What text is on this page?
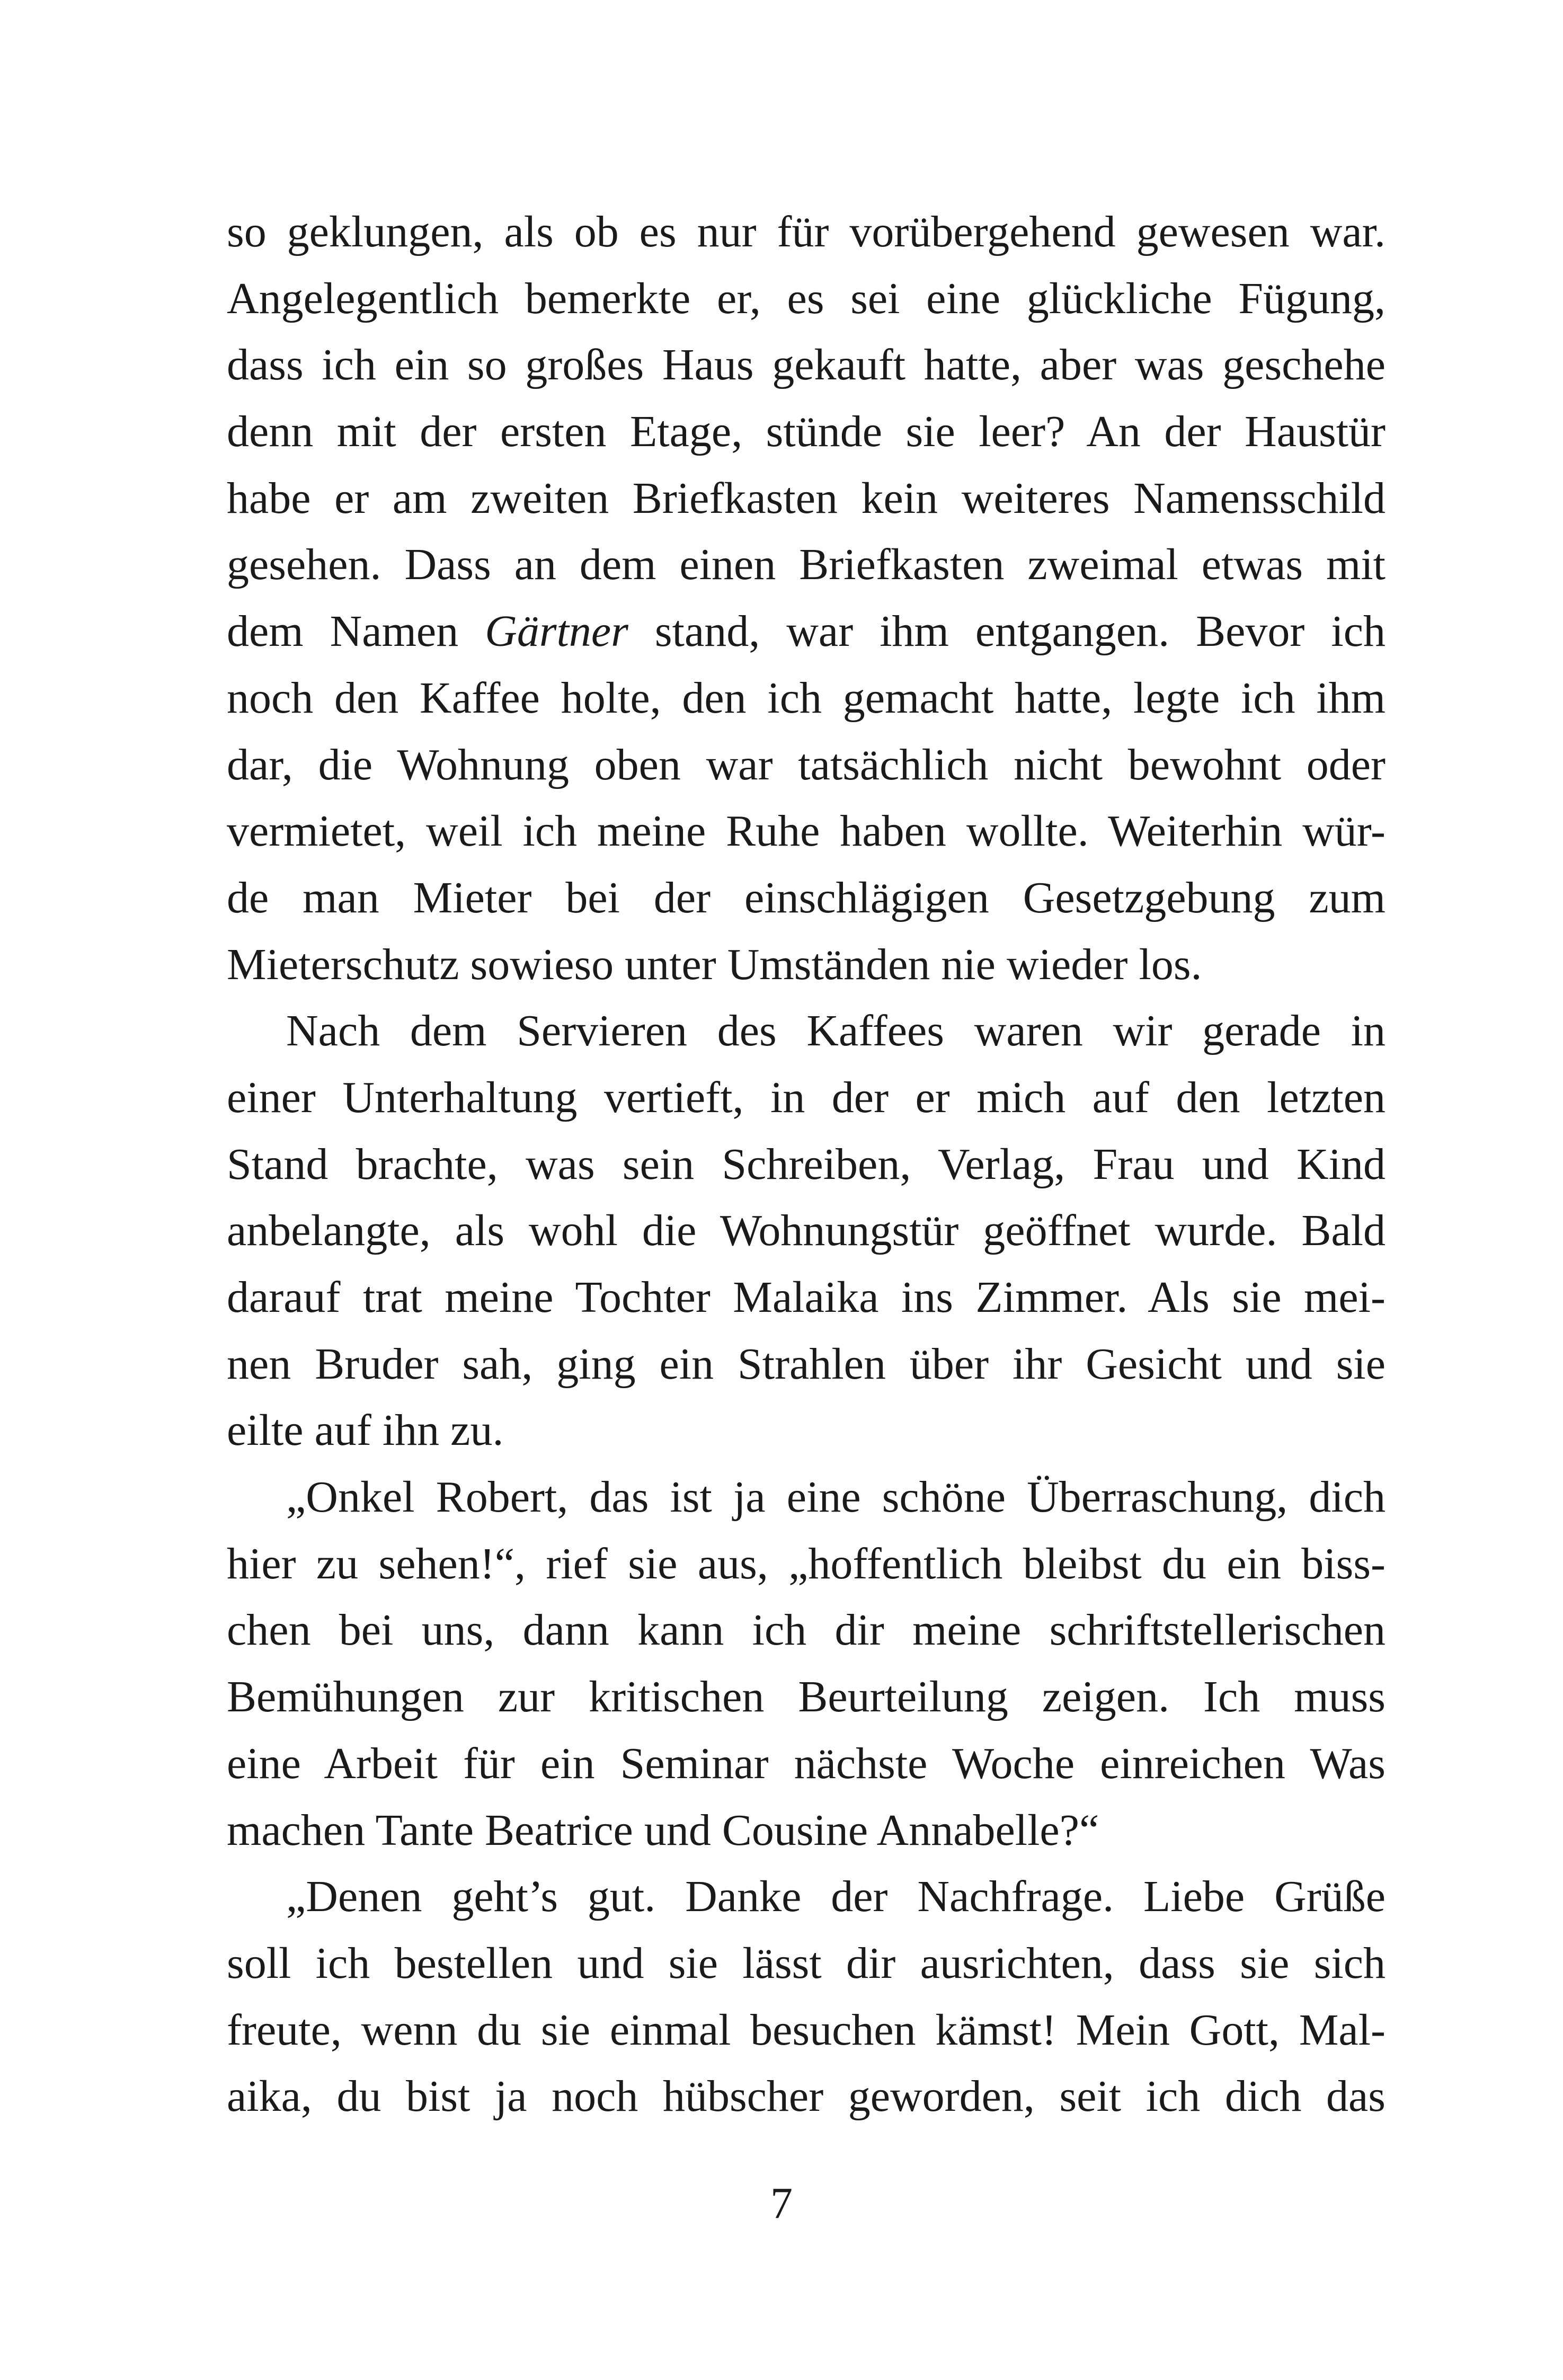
so geklungen, als ob es nur für vorübergehend gewesen war.
Angelegentlich bemerkte er, es sei eine glückliche Fügung,
dass ich ein so großes Haus gekauft hatte, aber was geschehe
denn mit der ersten Etage, stünde sie leer? An der Haustür
habe er am zweiten Briefkasten kein weiteres Namensschild
gesehen. Dass an dem einen Briefkasten zweimal etwas mit
dem Namen Gärtner stand, war ihm entgangen. Bevor ich
noch den Kaffee holte, den ich gemacht hatte, legte ich ihm
dar, die Wohnung oben war tatsächlich nicht bewohnt oder
vermietet, weil ich meine Ruhe haben wollte. Weiterhin wür-
de man Mieter bei der einschlägigen Gesetzgebung zum
Mieterschutz sowieso unter Umständen nie wieder los.
Nach dem Servieren des Kaffees waren wir gerade in
einer Unterhaltung vertieft, in der er mich auf den letzten
Stand brachte, was sein Schreiben, Verlag, Frau und Kind
anbelangte, als wohl die Wohnungstür geöffnet wurde. Bald
darauf trat meine Tochter Malaika ins Zimmer. Als sie mei-
nen Bruder sah, ging ein Strahlen über ihr Gesicht und sie
eilte auf ihn zu.
„Onkel Robert, das ist ja eine schöne Überraschung, dich
hier zu sehen!“, rief sie aus, „hoffentlich bleibst du ein biss-
chen bei uns, dann kann ich dir meine schriftstellerischen
Bemühungen zur kritischen Beurteilung zeigen. Ich muss
eine Arbeit für ein Seminar nächste Woche einreichen Was
machen Tante Beatrice und Cousine Annabelle?“
„Denen geht’s gut. Danke der Nachfrage. Liebe Grüße
soll ich bestellen und sie lässt dir ausrichten, dass sie sich
freute, wenn du sie einmal besuchen kämst! Mein Gott, Mal-
aika, du bist ja noch hübscher geworden, seit ich dich das
7
